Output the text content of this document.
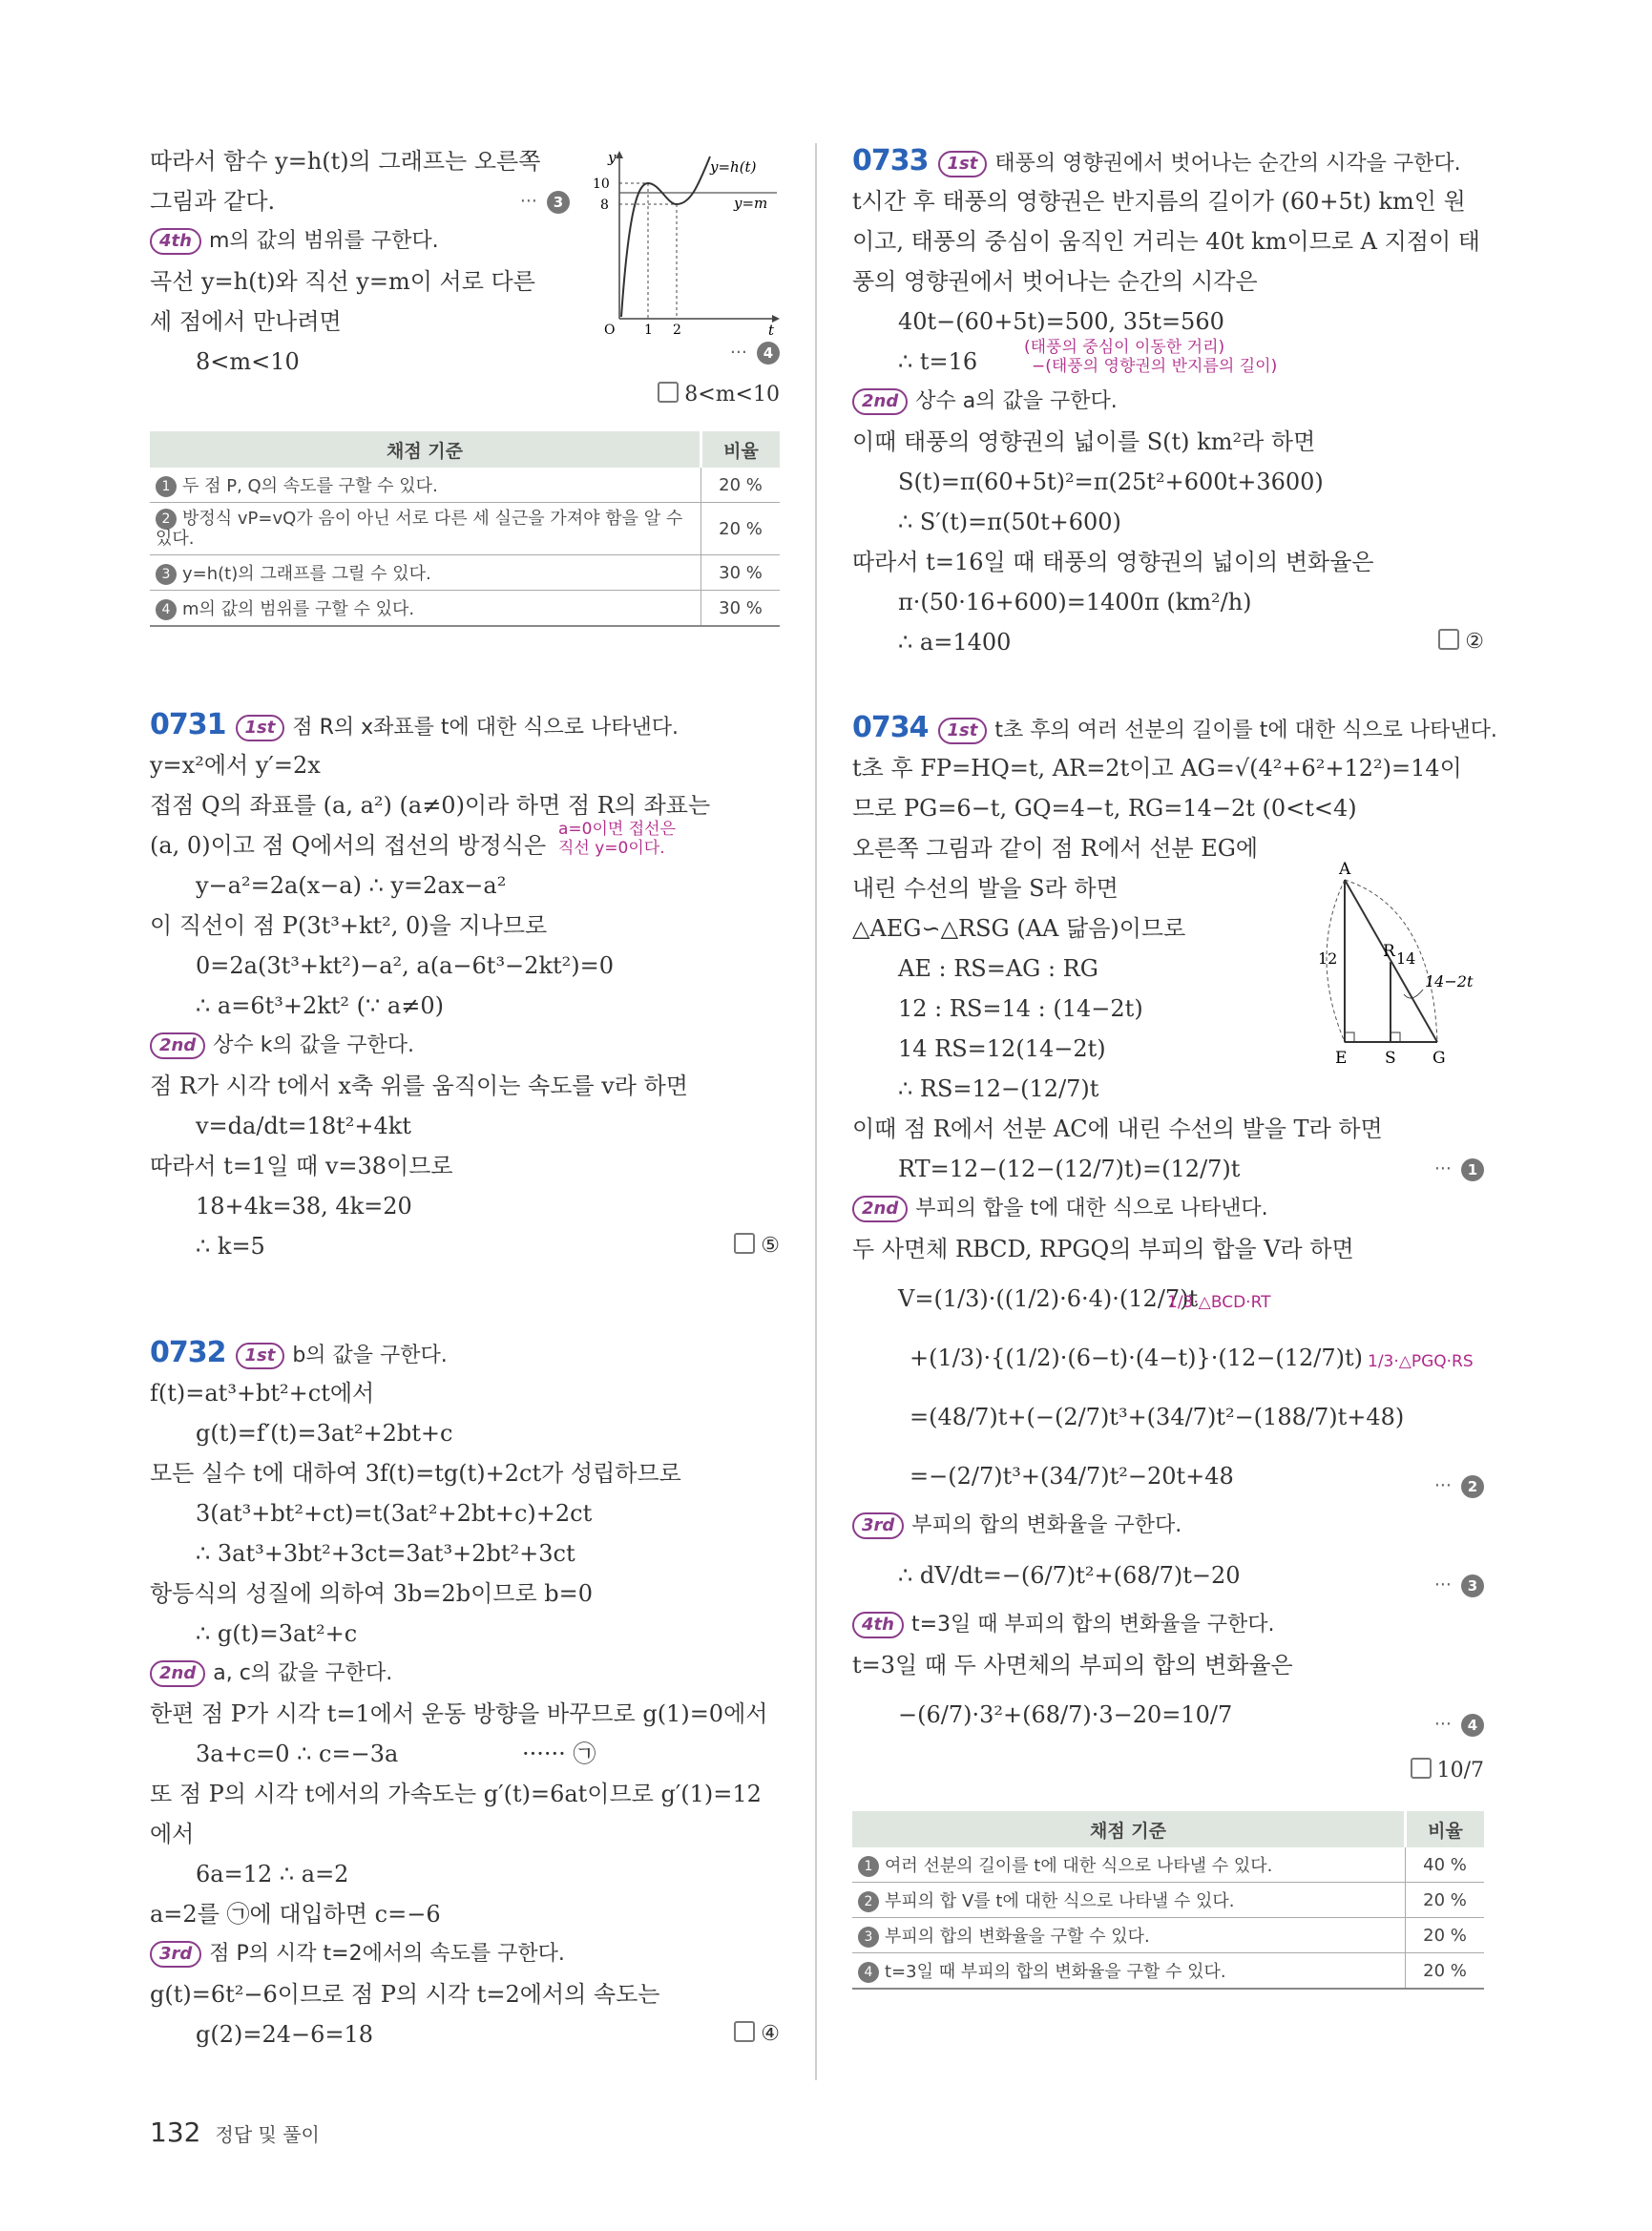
따라서 함수 y=h(t)의 그래프는 오른쪽
그림과 같다.	··· 3
4th m의 값의 범위를 구한다.
곡선 y=h(t)와 직선 y=m이 서로 다른
세 점에서 만나려면
8<m<10	··· 4
8<m<10
y
t
y=h(t)
y=m
10
8
O 1 2
채점 기준	비율
1 두 점 P, Q의 속도를 구할 수 있다.	20 %
2 방정식 vP=vQ가 음이 아닌 서로 다른 세 실근을 가져야 함을 알 수 있다.	20 %
3 y=h(t)의 그래프를 그릴 수 있다.	30 %
4 m의 값의 범위를 구할 수 있다.	30 %
0731 1st 점 R의 x좌표를 t에 대한 식으로 나타낸다.
y=x²에서 y′=2x
접점 Q의 좌표를 (a, a²) (a≠0)이라 하면 점 R의 좌표는
(a, 0)이고 점 Q에서의 접선의 방정식은
a=0이면 접선은 직선 y=0이다.
y−a²=2a(x−a) ∴ y=2ax−a²
이 직선이 점 P(3t³+kt², 0)을 지나므로
0=2a(3t³+kt²)−a², a(a−6t³−2kt²)=0
∴ a=6t³+2kt² (∵ a≠0)
2nd 상수 k의 값을 구한다.
점 R가 시각 t에서 x축 위를 움직이는 속도를 v라 하면
v=da/dt=18t²+4kt
따라서 t=1일 때 v=38이므로
18+4k=38, 4k=20
∴ k=5	⑤
0732 1st b의 값을 구한다.
f(t)=at³+bt²+ct에서
g(t)=f′(t)=3at²+2bt+c
모든 실수 t에 대하여 3f(t)=tg(t)+2ct가 성립하므로
3(at³+bt²+ct)=t(3at²+2bt+c)+2ct
∴ 3at³+3bt²+3ct=3at³+2bt²+3ct
항등식의 성질에 의하여 3b=2b이므로 b=0
∴ g(t)=3at²+c
2nd a, c의 값을 구한다.
한편 점 P가 시각 t=1에서 운동 방향을 바꾸므로 g(1)=0에서
3a+c=0 ∴ c=−3a	······ ㉠
또 점 P의 시각 t에서의 가속도는 g′(t)=6at이므로 g′(1)=12
에서
6a=12 ∴ a=2
a=2를 ㉠에 대입하면 c=−6
3rd 점 P의 시각 t=2에서의 속도를 구한다.
g(t)=6t²−6이므로 점 P의 시각 t=2에서의 속도는
g(2)=24−6=18	④
0733 1st 태풍의 영향권에서 벗어나는 순간의 시각을 구한다.
t시간 후 태풍의 영향권은 반지름의 길이가 (60+5t) km인 원
이고, 태풍의 중심이 움직인 거리는 40t km이므로 A 지점이 태
풍의 영향권에서 벗어나는 순간의 시각은
40t−(60+5t)=500, 35t=560
∴ t=16
(태풍의 중심이 이동한 거리)
−(태풍의 영향권의 반지름의 길이)
2nd 상수 a의 값을 구한다.
이때 태풍의 영향권의 넓이를 S(t) km²라 하면
S(t)=π(60+5t)²=π(25t²+600t+3600)
∴ S′(t)=π(50t+600)
따라서 t=16일 때 태풍의 영향권의 넓이의 변화율은
π·(50·16+600)=1400π (km²/h)
∴ a=1400	②
0734 1st t초 후의 여러 선분의 길이를 t에 대한 식으로 나타낸다.
t초 후 FP=HQ=t, AR=2t이고 AG=√(4²+6²+12²)=14이
므로 PG=6−t, GQ=4−t, RG=14−2t (0<t<4)
오른쪽 그림과 같이 점 R에서 선분 EG에
내린 수선의 발을 S라 하면
△AEG∽△RSG (AA 닮음)이므로
AE : RS=AG : RG
12 : RS=14 : (14−2t)
14 RS=12(14−2t)
∴ RS=12−(12/7)t
이때 점 R에서 선분 AC에 내린 수선의 발을 T라 하면
RT=12−(12−(12/7)t)=(12/7)t	··· 1
A
R
E S G
12	14
14−2t
2nd 부피의 합을 t에 대한 식으로 나타낸다.
두 사면체 RBCD, RPGQ의 부피의 합을 V라 하면
V=(1/3)·((1/2)·6·4)·(12/7)t
1/3·△BCD·RT
+(1/3)·{(1/2)·(6−t)·(4−t)}·(12−(12/7)t) 1/3·△PGQ·RS
=(48/7)t+(−(2/7)t³+(34/7)t²−(188/7)t+48)
=−(2/7)t³+(34/7)t²−20t+48	··· 2
3rd 부피의 합의 변화율을 구한다.
∴ dV/dt=−(6/7)t²+(68/7)t−20	··· 3
4th t=3일 때 부피의 합의 변화율을 구한다.
t=3일 때 두 사면체의 부피의 합의 변화율은
−(6/7)·3²+(68/7)·3−20=10/7	··· 4
10/7
채점 기준	비율
1 여러 선분의 길이를 t에 대한 식으로 나타낼 수 있다.	40 %
2 부피의 합 V를 t에 대한 식으로 나타낼 수 있다.	20 %
3 부피의 합의 변화율을 구할 수 있다.	20 %
4 t=3일 때 부피의 합의 변화율을 구할 수 있다.	20 %
132 정답 및 풀이
